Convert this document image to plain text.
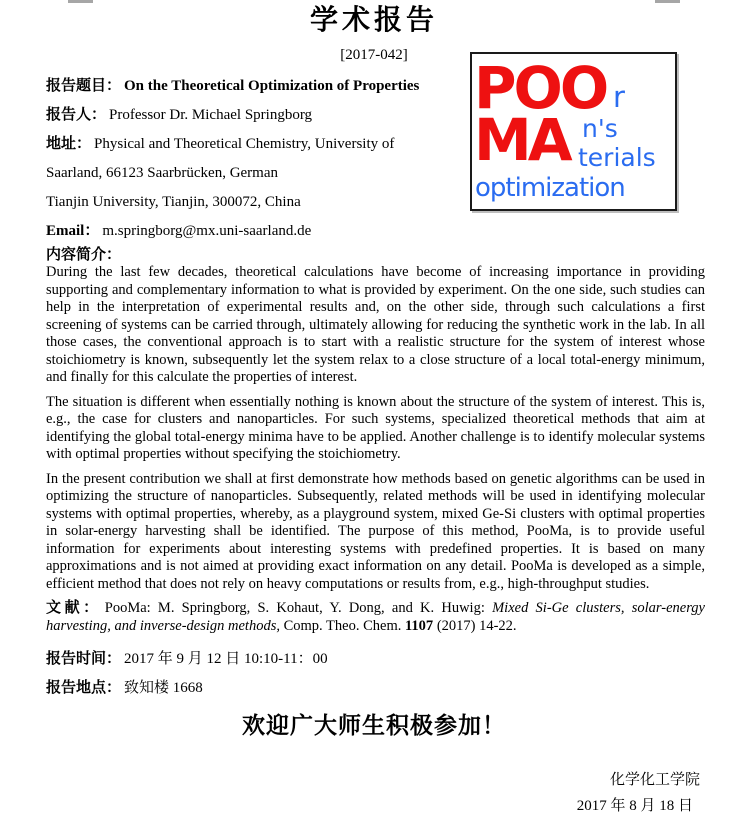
学术报告
[2017-042]	POO r
MA n's
terials
optimization
报告题目： On the Theoretical Optimization of Properties
报告人： Professor Dr. Michael Springborg
地址： Physical and Theoretical Chemistry, University of
Saarland, 66123 Saarbrücken, German
Tianjin University, Tianjin, 300072, China
Email： m.springborg@mx.uni-saarland.de
内容简介：

During the last few decades, theoretical calculations have become of increasing importance in providing supporting and complementary information to what is provided by experiment. On the one side, such studies can help in the interpretation of experimental results and, on the other side, through such calculations a first screening of systems can be carried through, ultimately allowing for reducing the synthetic work in the lab. In all those cases, the conventional approach is to start with a realistic structure for the system of interest whose stoichiometry is known, subsequently let the system relax to a close structure of a local total-energy minimum, and finally for this calculate the properties of interest.

The situation is different when essentially nothing is known about the structure of the system of interest. This is, e.g., the case for clusters and nanoparticles. For such systems, specialized theoretical methods that aim at identifying the global total-energy minima have to be applied. Another challenge is to identify molecular systems with optimal properties without specifying the stoichiometry.

In the present contribution we shall at first demonstrate how methods based on genetic algorithms can be used in optimizing the structure of nanoparticles. Subsequently, related methods will be used in identifying molecular systems with optimal properties, whereby, as a playground system, mixed Ge-Si clusters with optimal properties in solar-energy harvesting shall be identified. The purpose of this method, PooMa, is to provide useful information for experiments about interesting systems with predefined properties. It is based on many approximations and is not aimed at providing exact information on any detail. PooMa is developed as a simple, efficient method that does not rely on heavy computations or results from, e.g., high-throughput studies.

文献： PooMa: M. Springborg, S. Kohaut, Y. Dong, and K. Huwig: Mixed Si-Ge clusters, solar-energy harvesting, and inverse-design methods, Comp. Theo. Chem. 1107 (2017) 14-22.

报告时间： 2017 年 9 月 12 日 10:10-11：00
报告地点： 致知楼 1668
欢迎广大师生积极参加！
化学化工学院
2017 年 8 月 18 日
